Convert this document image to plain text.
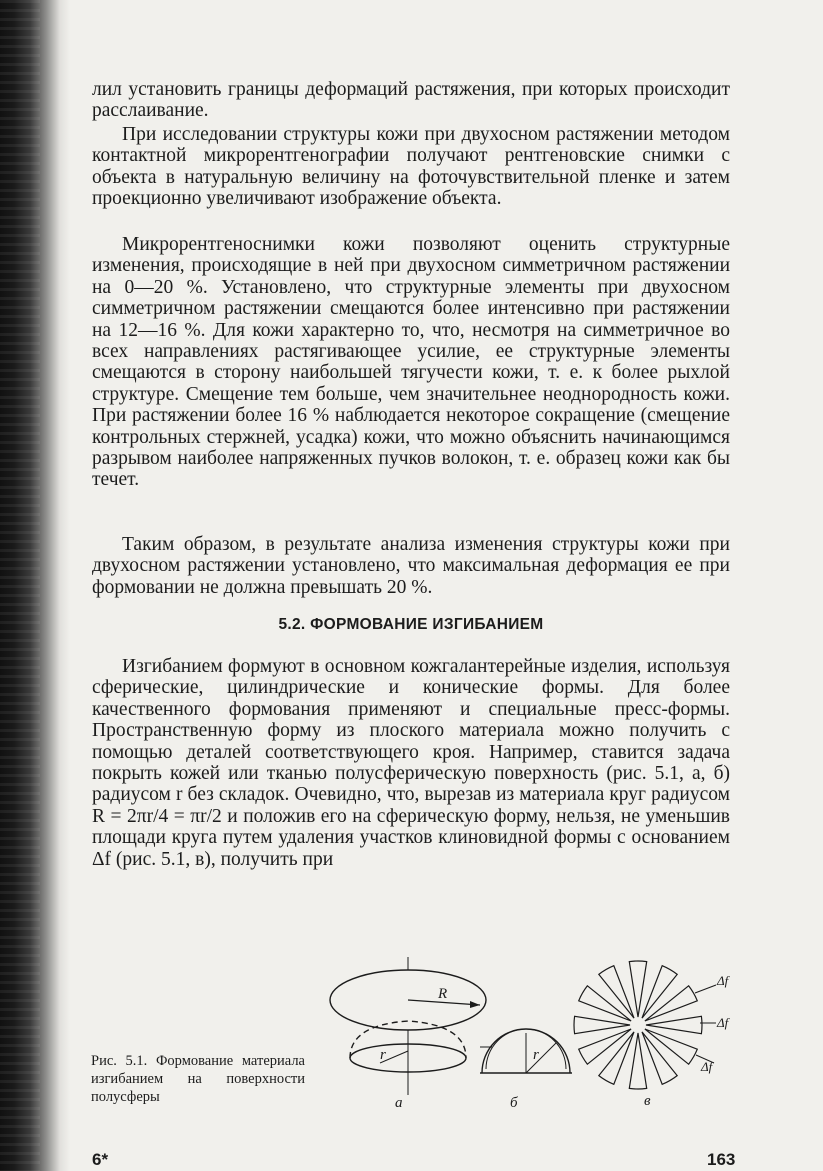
лил установить границы деформаций растяжения, при которых происходит расслаивание.

При исследовании структуры кожи при двухосном растяжении методом контактной микрорентгенографии получают рентгеновские снимки с объекта в натуральную величину на фоточувствительной пленке и затем проекционно увеличивают изображение объекта.

Микрорентгеноснимки кожи позволяют оценить структурные изменения, происходящие в ней при двухосном симметричном растяжении на 0—20 %. Установлено, что структурные элементы при двухосном симметричном растяжении смещаются более интенсивно при растяжении на 12—16 %. Для кожи характерно то, что, несмотря на симметричное во всех направлениях растягивающее усилие, ее структурные элементы смещаются в сторону наибольшей тягучести кожи, т. е. к более рыхлой структуре. Смещение тем больше, чем значительнее неоднородность кожи. При растяжении более 16 % наблюдается некоторое сокращение (смещение контрольных стержней, усадка) кожи, что можно объяснить начинающимся разрывом наиболее напряженных пучков волокон, т. е. образец кожи как бы течет.

Таким образом, в результате анализа изменения структуры кожи при двухосном растяжении установлено, что максимальная деформация ее при формовании не должна превышать 20 %.

5.2. ФОРМОВАНИЕ ИЗГИБАНИЕМ

Изгибанием формуют в основном кожгалантерейные изделия, используя сферические, цилиндрические и конические формы. Для более качественного формования применяют и специальные пресс-формы. Пространственную форму из плоского материала можно получить с помощью деталей соответствующего кроя. Например, ставится задача покрыть кожей или тканью полусферическую поверхность (рис. 5.1, а, б) радиусом r без складок. Очевидно, что, вырезав из материала круг радиусом R = 2πr/4 = πr/2 и положив его на сферическую форму, нельзя, не уменьшив площади круга путем удаления участков клиновидной формы с основанием Δf (рис. 5.1, в), получить при

Рис. 5.1. Формование материала изгибанием на поверхности полусферы

R
r	r
Δf
Δf
Δf
а	б	в
6*	163
